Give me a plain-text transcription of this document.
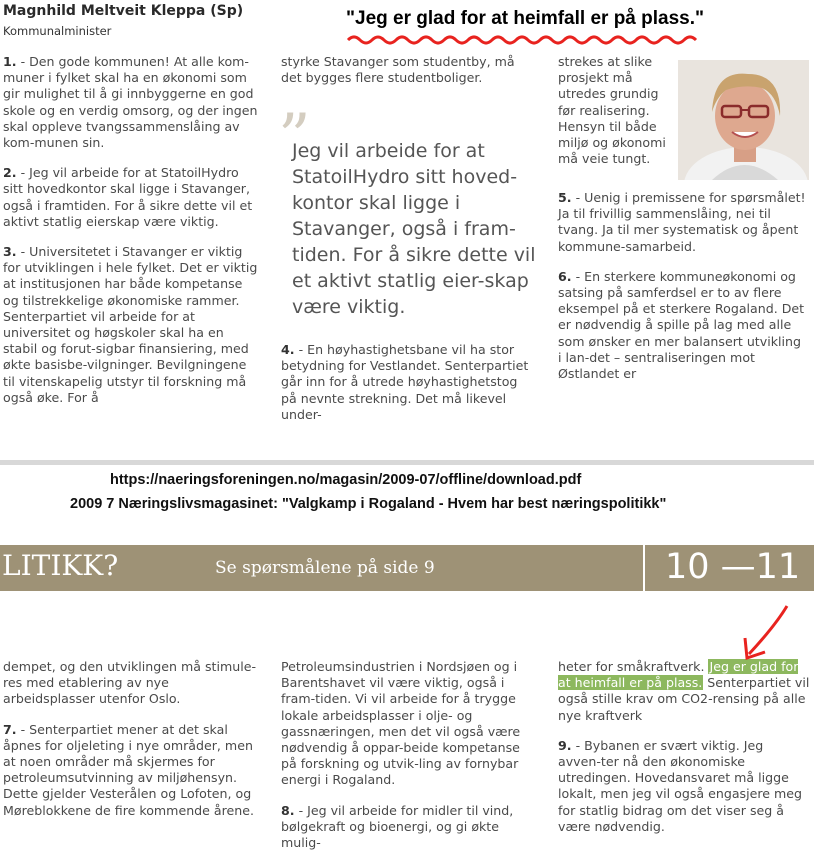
Magnhild Meltveit Kleppa (Sp)
Kommunalminister
"Jeg er glad for at heimfall er på plass."

1. - Den gode kommunen! At alle kom-muner i fylket skal ha en økonomi som gir mulighet til å gi innbyggerne en god skole og en verdig omsorg, og der ingen skal oppleve tvangssammenslåing av kom-munen sin.

2. - Jeg vil arbeide for at StatoilHydro sitt hovedkontor skal ligge i Stavanger, også i framtiden. For å sikre dette vil et aktivt statlig eierskap være viktig.

3. - Universitetet i Stavanger er viktig for utviklingen i hele fylket. Det er viktig at institusjonen har både kompetanse og tilstrekkelige økonomiske rammer. Senterpartiet vil arbeide for at universitet og høgskoler skal ha en stabil og forut-sigbar finansiering, med økte basisbe-vilgninger. Bevilgningene til vitenskapelig utstyr til forskning må også øke. For å

styrke Stavanger som studentby, må det bygges flere studentboliger.
”
Jeg vil arbeide for at StatoilHydro sitt hoved-kontor skal ligge i Stavanger, også i fram-tiden. For å sikre dette vil et aktivt statlig eier-skap være viktig.
4. - En høyhastighetsbane vil ha stor betydning for Vestlandet. Senterpartiet går inn for å utrede høyhastighetstog på nevnte strekning. Det må likevel under-
strekes at slike prosjekt må utredes grundig før realisering. Hensyn til både miljø og økonomi må veie tungt.

5. - Uenig i premissene for spørsmålet! Ja til frivillig sammenslåing, nei til tvang. Ja til mer systematisk og åpent kommune-samarbeid.

6. - En sterkere kommuneøkonomi og satsing på samferdsel er to av flere eksempel på et sterkere Rogaland. Det er nødvendig å spille på lag med alle som ønsker en mer balansert utvikling i lan-det – sentraliseringen mot Østlandet er

https://naeringsforeningen.no/magasin/2009-07/offline/download.pdf
2009 7 Næringslivsmagasinet: "Valgkamp i Rogaland - Hvem har best næringspolitikk"
LITIKK?	Se spørsmålene på side 9	10 —11

dempet, og den utviklingen må stimule-res med etablering av nye arbeidsplasser utenfor Oslo.

7. - Senterpartiet mener at det skal åpnes for oljeleting i nye områder, men at noen områder må skjermes for petroleumsutvinning av miljøhensyn. Dette gjelder Vesterålen og Lofoten, og Møreblokkene de fire kommende årene.

Petroleumsindustrien i Nordsjøen og i Barentshavet vil være viktig, også i fram-tiden. Vi vil arbeide for å trygge lokale arbeidsplasser i olje- og gassnæringen, men det vil også være nødvendig å oppar-beide kompetanse på forskning og utvik-ling av fornybar energi i Rogaland.

8. - Jeg vil arbeide for midler til vind, bølgekraft og bioenergi, og gi økte mulig-

heter for småkraftverk. Jeg er glad for at heimfall er på plass. Senterpartiet vil også stille krav om CO2-rensing på alle nye kraftverk

9. - Bybanen er svært viktig. Jeg avven-ter nå den økonomiske utredingen. Hovedansvaret må ligge lokalt, men jeg vil også engasjere meg for statlig bidrag om det viser seg å være nødvendig.
